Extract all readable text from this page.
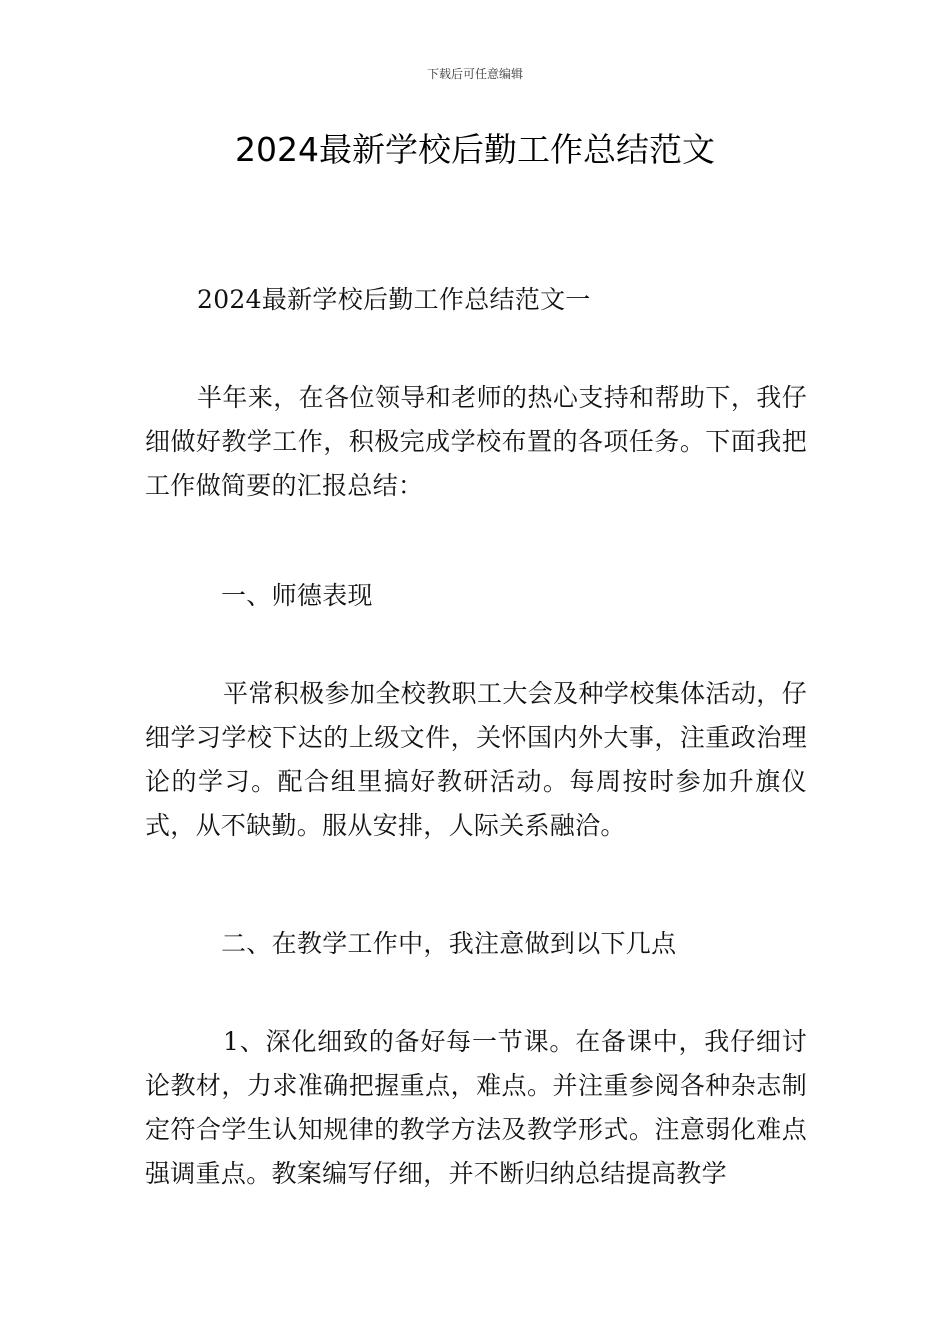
下载后可任意编辑
2024最新学校后勤工作总结范文

2024最新学校后勤工作总结范文一

半年来，在各位领导和老师的热心支持和帮助下，我仔细做好教学工作，积极完成学校布置的各项任务。下面我把工作做简要的汇报总结：

一、师德表现

平常积极参加全校教职工大会及种学校集体活动，仔细学习学校下达的上级文件，关怀国内外大事，注重政治理论的学习。配合组里搞好教研活动。每周按时参加升旗仪式，从不缺勤。服从安排，人际关系融洽。

二、在教学工作中，我注意做到以下几点

1、深化细致的备好每一节课。在备课中，我仔细讨论教材，力求准确把握重点，难点。并注重参阅各种杂志制定符合学生认知规律的教学方法及教学形式。注意弱化难点强调重点。教案编写仔细，并不断归纳总结提高教学
